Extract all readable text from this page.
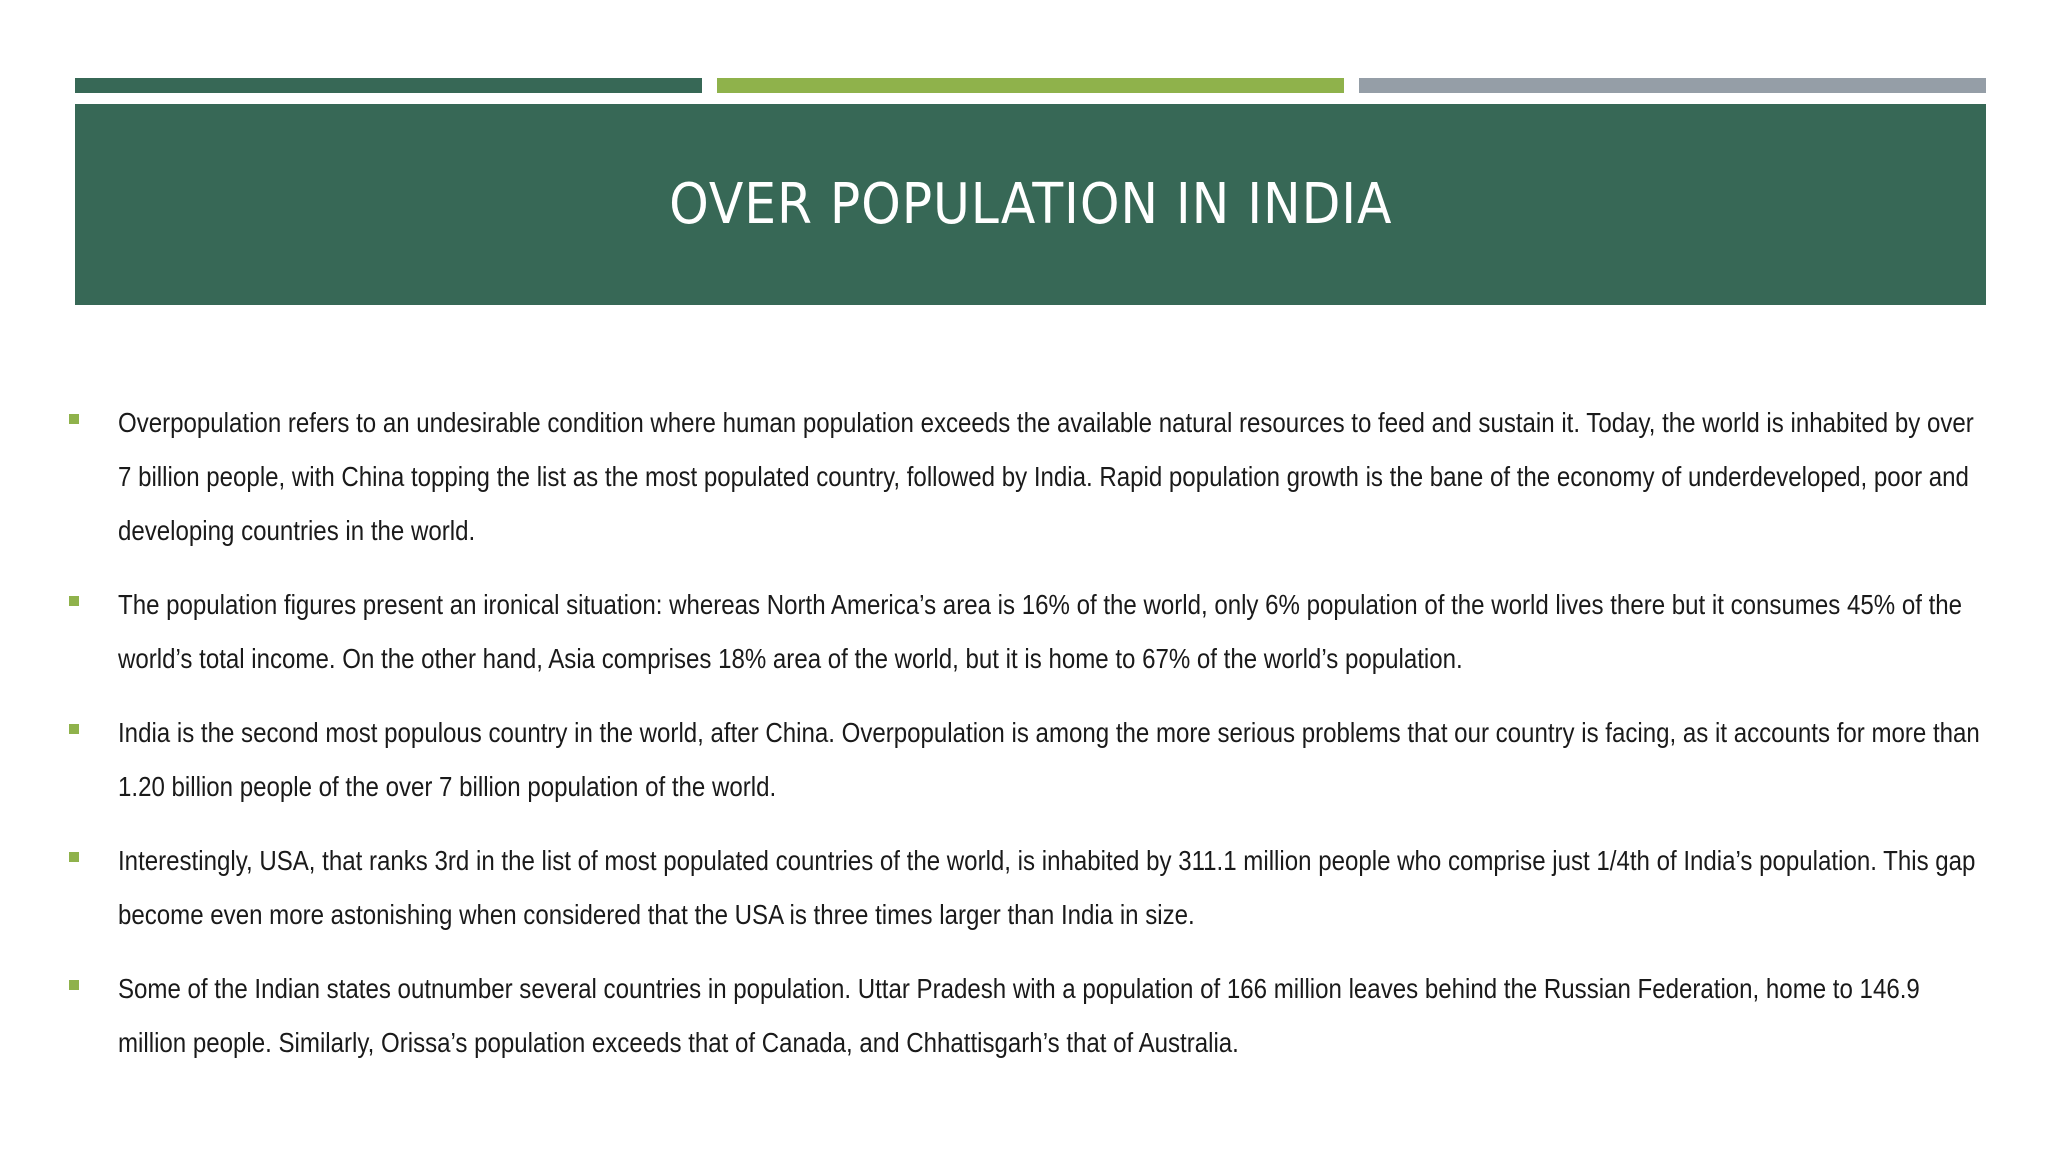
OVER POPULATION IN INDIA
Overpopulation refers to an undesirable condition where human population exceeds the available natural resources to feed and sustain it. Today, the world is inhabited by over 7 billion people, with China topping the list as the most populated country, followed by India. Rapid population growth is the bane of the economy of underdeveloped, poor and developing countries in the world.
The population figures present an ironical situation: whereas North America’s area is 16% of the world, only 6% population of the world lives there but it consumes 45% of the world’s total income. On the other hand, Asia comprises 18% area of the world, but it is home to 67% of the world’s population.
India is the second most populous country in the world, after China. Overpopulation is among the more serious problems that our country is facing, as it accounts for more than 1.20 billion people of the over 7 billion population of the world.
Interestingly, USA, that ranks 3rd in the list of most populated countries of the world, is inhabited by 311.1 million people who comprise just 1/4th of India’s population. This gap become even more astonishing when considered that the USA is three times larger than India in size.
Some of the Indian states outnumber several countries in population. Uttar Pradesh with a population of 166 million leaves behind the Russian Federation, home to 146.9 million people. Similarly, Orissa’s population exceeds that of Canada, and Chhattisgarh’s that of Australia.
